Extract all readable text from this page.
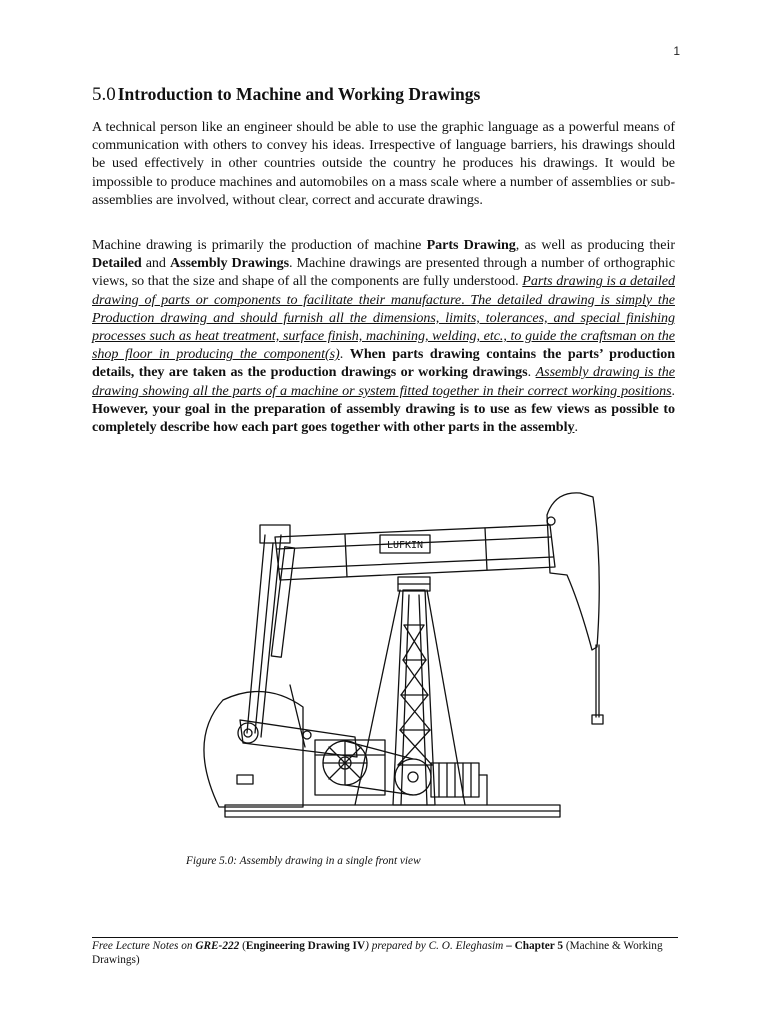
1
5.0 Introduction to Machine and Working Drawings

A technical person like an engineer should be able to use the graphic language as a powerful means of communication with others to convey his ideas. Irrespective of language barriers, his drawings should be used effectively in other countries outside the country he produces his drawings. It would be impossible to produce machines and automobiles on a mass scale where a number of assemblies or sub-assemblies are involved, without clear, correct and accurate drawings.

Machine drawing is primarily the production of machine Parts Drawing, as well as producing their Detailed and Assembly Drawings. Machine drawings are presented through a number of orthographic views, so that the size and shape of all the components are fully understood. Parts drawing is a detailed drawing of parts or components to facilitate their manufacture. The detailed drawing is simply the Production drawing and should furnish all the dimensions, limits, tolerances, and special finishing processes such as heat treatment, surface finish, machining, welding, etc., to guide the craftsman on the shop floor in producing the component(s). When parts drawing contains the parts’ production details, they are taken as the production drawings or working drawings. Assembly drawing is the drawing showing all the parts of a machine or system fitted together in their correct working positions. However, your goal in the preparation of assembly drawing is to use as few views as possible to completely describe how each part goes together with other parts in the assembly.

LUFKIN
Figure 5.0: Assembly drawing in a single front view
Free Lecture Notes on GRE-222 (Engineering Drawing IV) prepared by C. O. Eleghasim – Chapter 5 (Machine & Working Drawings)
